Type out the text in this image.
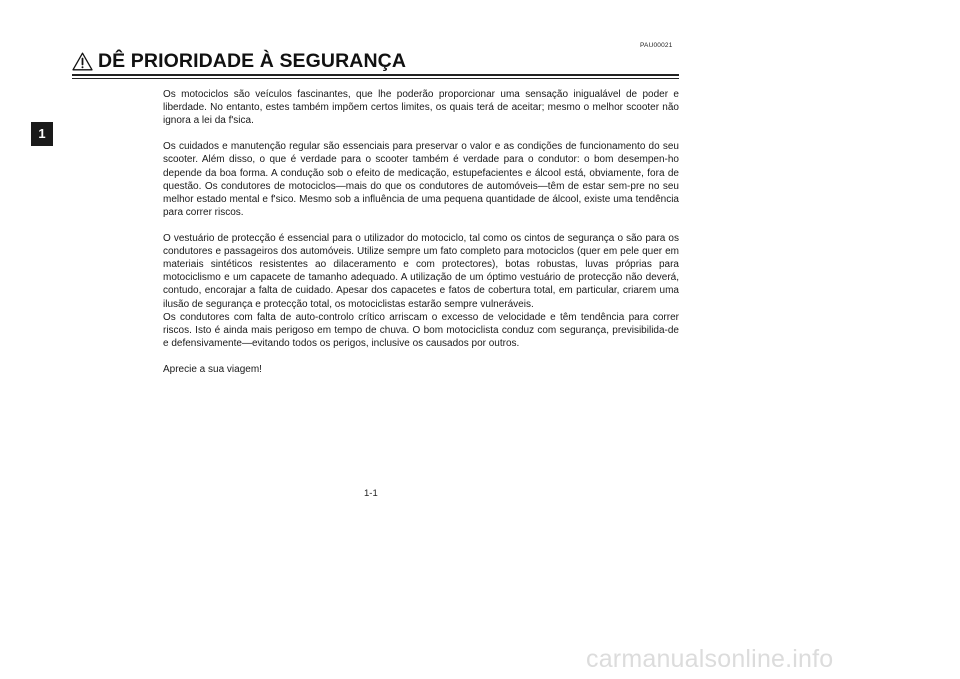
1
PAU00021
DÊ PRIORIDADE À SEGURANÇA

Os motociclos são veículos fascinantes, que lhe poderão proporcionar uma sensação inigualável de poder e liberdade. No entanto, estes também impõem certos limites, os quais terá de aceitar; mesmo o melhor scooter não ignora a lei da f'sica.

Os cuidados e manutenção regular são essenciais para preservar o valor e as condições de funcionamento do seu scooter. Além disso, o que é verdade para o scooter também é verdade para o condutor: o bom desempen-ho depende da boa forma. A condução sob o efeito de medicação, estupefacientes e álcool está, obviamente, fora de questão. Os condutores de motociclos—mais do que os condutores de automóveis—têm de estar sem-pre no seu melhor estado mental e f'sico. Mesmo sob a influência de uma pequena quantidade de álcool, existe uma tendência para correr riscos.

O vestuário de protecção é essencial para o utilizador do motociclo, tal como os cintos de segurança o são para os condutores e passageiros dos automóveis. Utilize sempre um fato completo para motociclos (quer em pele quer em materiais sintéticos resistentes ao dilaceramento e com protectores), botas robustas, luvas próprias para motociclismo e um capacete de tamanho adequado. A utilização de um óptimo vestuário de protecção não deverá, contudo, encorajar a falta de cuidado. Apesar dos capacetes e fatos de cobertura total, em particular, criarem uma ilusão de segurança e protecção total, os motociclistas estarão sempre vulneráveis.

Os condutores com falta de auto-controlo crítico arriscam o excesso de velocidade e têm tendência para correr riscos. Isto é ainda mais perigoso em tempo de chuva. O bom motociclista conduz com segurança, previsibilida-de e defensivamente—evitando todos os perigos, inclusive os causados por outros.

Aprecie a sua viagem!

1-1
carmanualsonline.info
